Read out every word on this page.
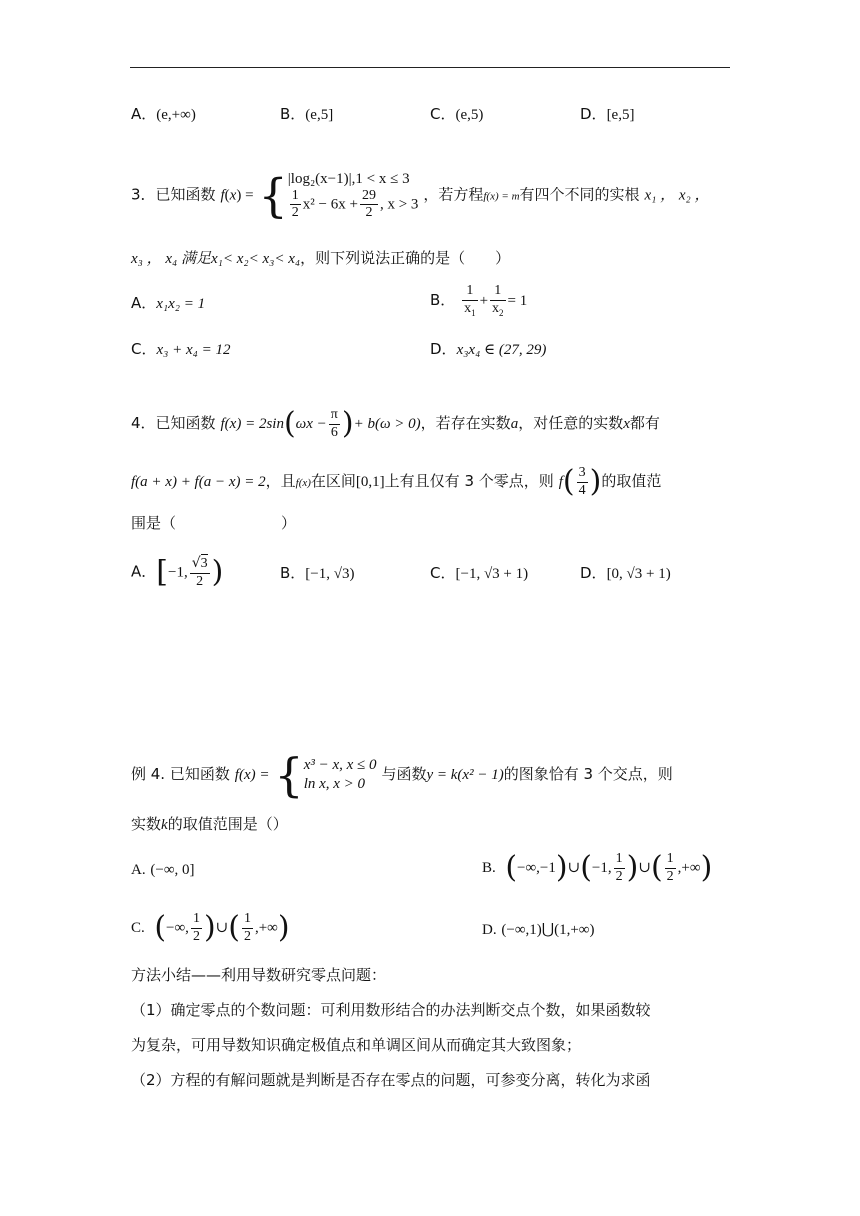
A．(e,+∞)	B．(e,5]	C．(e,5)	D．[e,5]
3．已知函数 f(x) = { |log₂(x−1)|,1 < x ≤ 3
$\frac{1}{2} x^2 - 6x + \frac{29}{2}$ , x > 3
，若方程f(x) = m有四个不同的实根 x₁ ， x₂ ，
x₃ ， x₄ 满足x₁< x₂< x₃< x₄，则下列说法正确的是（　　）
A．x₁x₂ = 1	B． $\frac{1}{x_1} + \frac{1}{x_2} = 1$
C．x₃ + x₄ = 12	D．x₃x₄ ∈ (27, 29)
4．已知函数 $f(x) = 2\sin(\omega x - \frac{\pi}{6}$ )+ b(ω > 0)，若存在实数a，对任意的实数x都有
f(a + x) + f(a − x) = 2，且f(x)在区间[0,1]上有且仅有 3 个零点，则 $f( \frac{3}{4}$ )的取值范
围是（　　　　　　　）
A．[−1, $\frac{√3}{2}$ )	B．[−1, √3)	C．[−1, √3 + 1)	D．[0, √3 + 1)
例 4. 已知函数 f(x) = { x³ − x, x ≤ 0
ln x, x > 0
与函数y = k(x² − 1)的图象恰有 3 个交点，则
实数k的取值范围是（）
A. (−∞, 0]	B. (−∞,−1)∪(−1, $\frac{1}{2}$ )∪( $\frac{1}{2}$ ,+∞)
C. (−∞, $\frac{1}{2}$ )∪( $\frac{1}{2}$ ,+∞)	D. (−∞,1)⋃(1,+∞)
方法小结——利用导数研究零点问题：
（1）确定零点的个数问题：可利用数形结合的办法判断交点个数，如果函数较
为复杂，可用导数知识确定极值点和单调区间从而确定其大致图象；
（2）方程的有解问题就是判断是否存在零点的问题，可参变分离，转化为求函
